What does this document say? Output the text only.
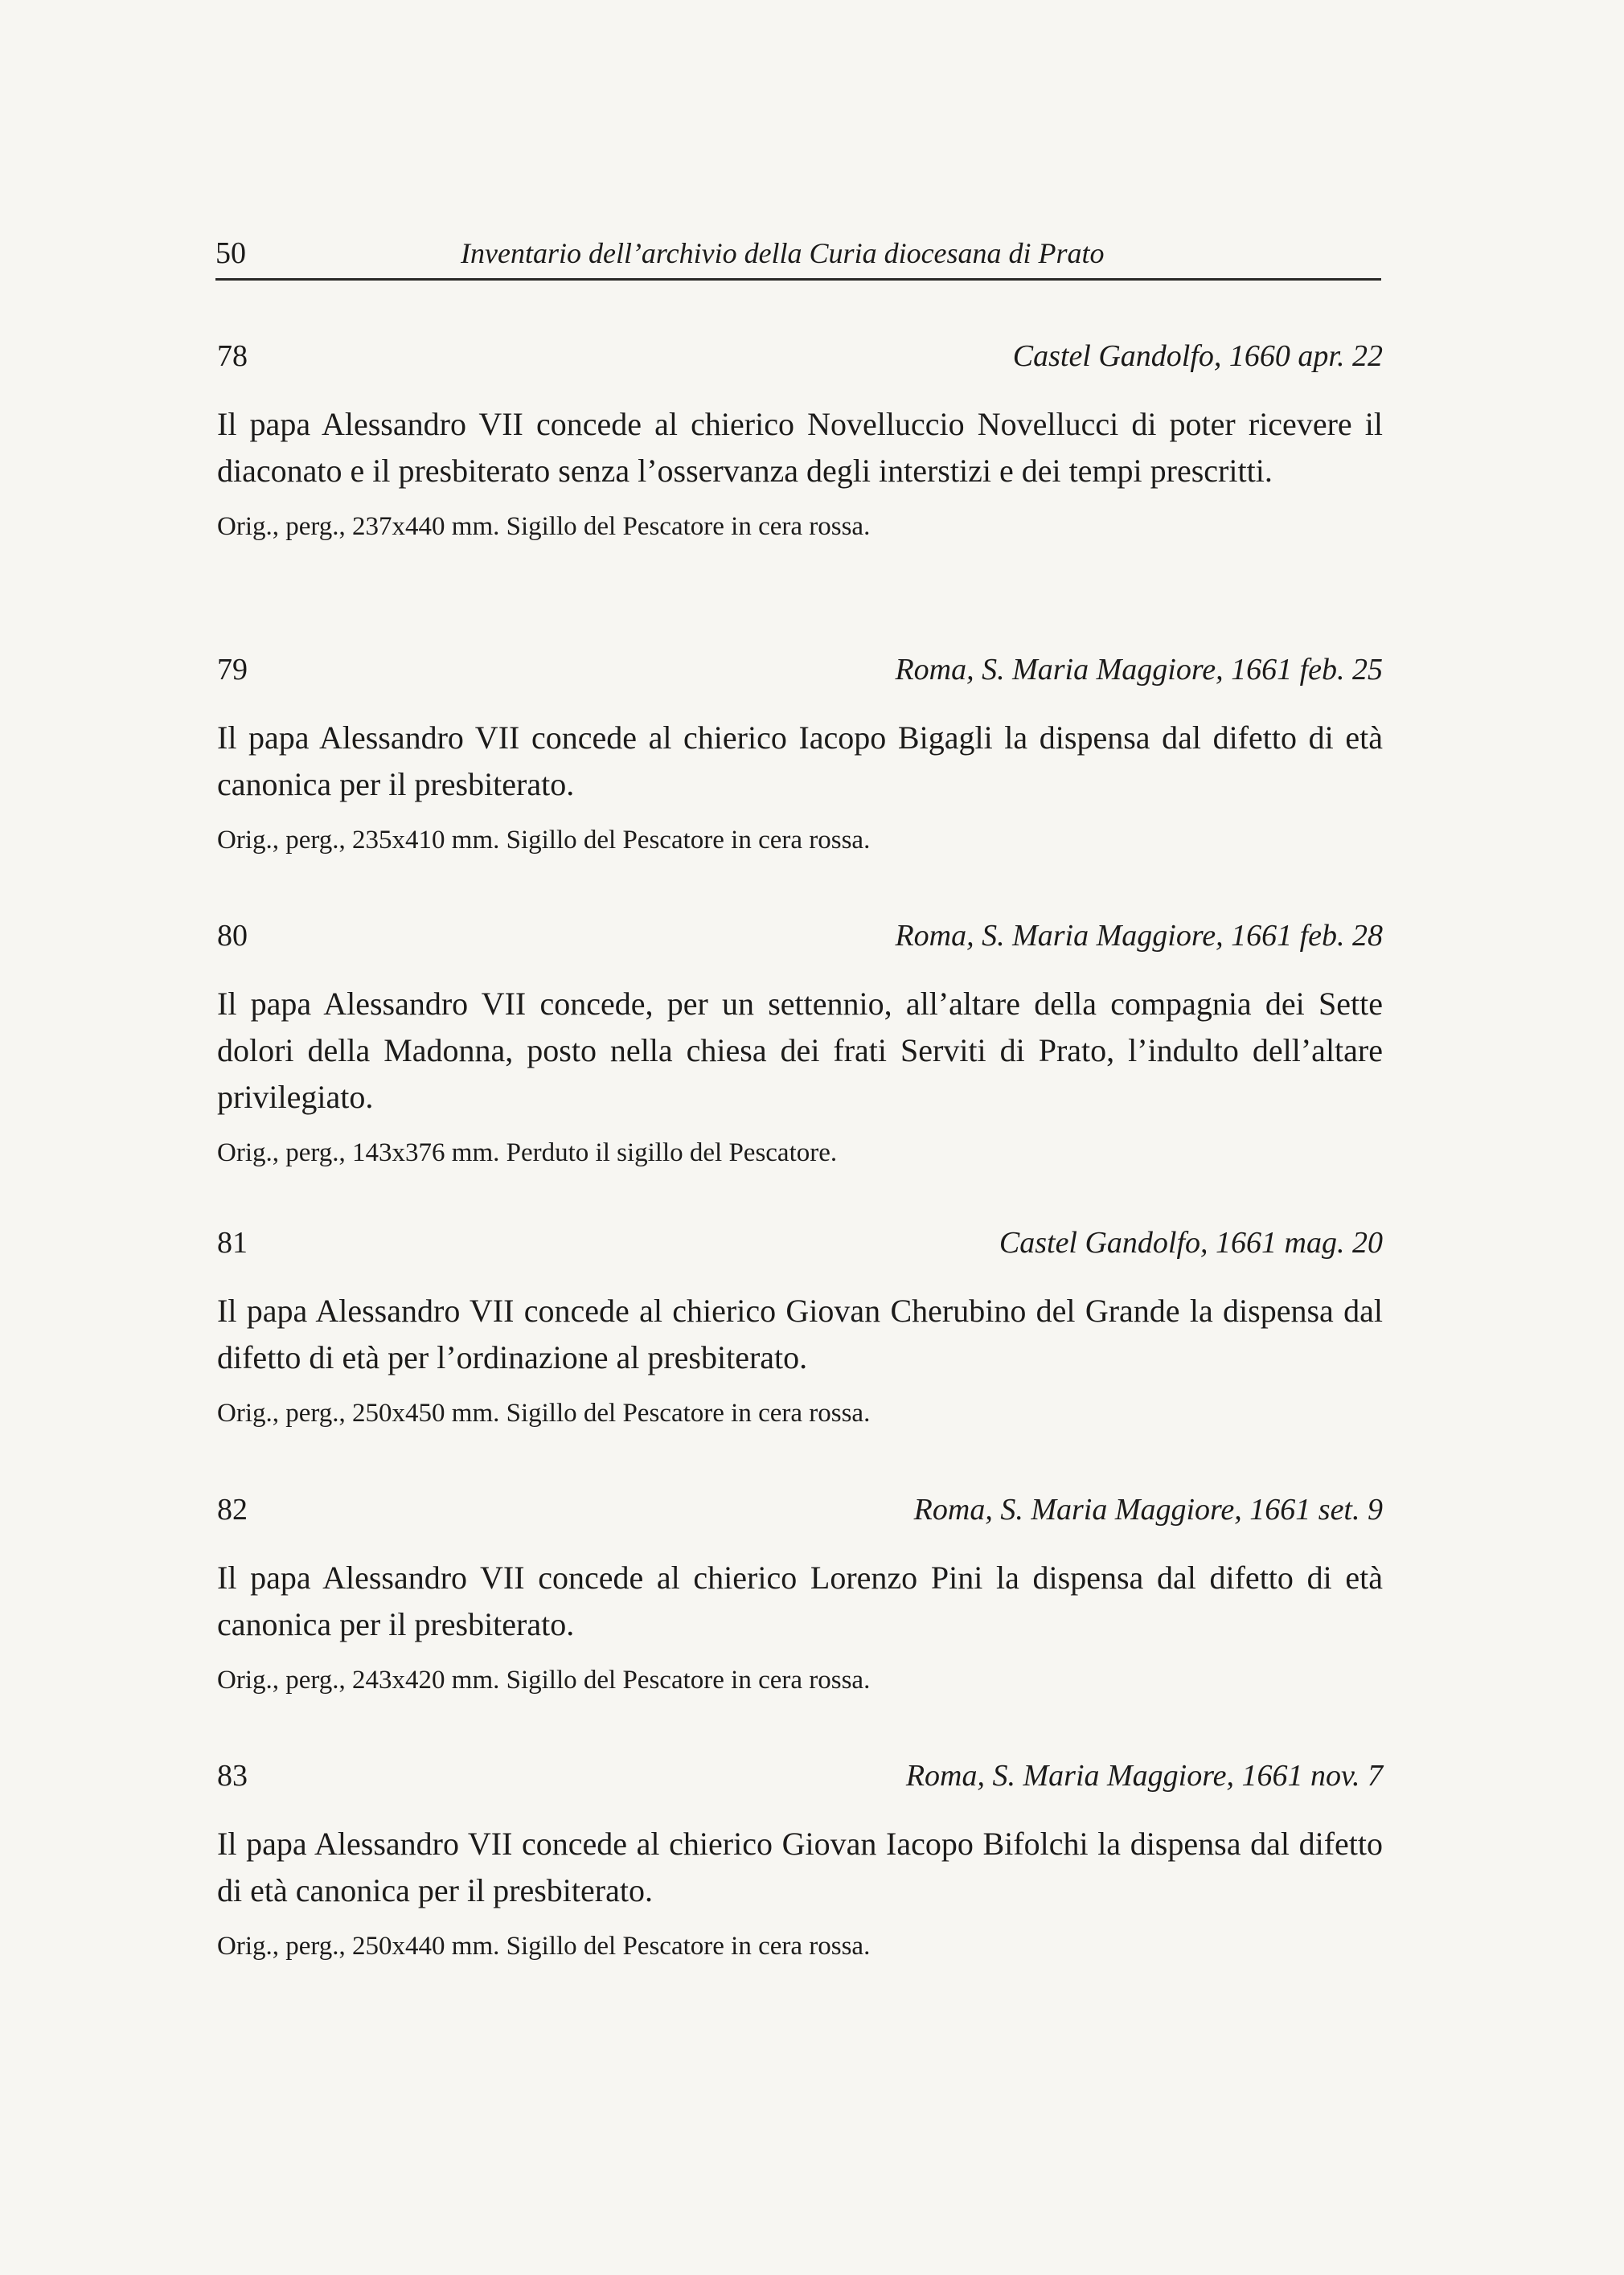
50	Inventario dell’archivio della Curia diocesana di Prato
78	Castel Gandolfo, 1660 apr. 22
Il papa Alessandro VII concede al chierico Novelluccio Novellucci di poter ricevere il diaconato e il presbiterato senza l’osservanza degli interstizi e dei tempi prescritti.
Orig., perg., 237x440 mm. Sigillo del Pescatore in cera rossa.
79	Roma, S. Maria Maggiore, 1661 feb. 25
Il papa Alessandro VII concede al chierico Iacopo Bigagli la dispensa dal difetto di età canonica per il presbiterato.
Orig., perg., 235x410 mm. Sigillo del Pescatore in cera rossa.
80	Roma, S. Maria Maggiore, 1661 feb. 28
Il papa Alessandro VII concede, per un settennio, all’altare della compagnia dei Sette dolori della Madonna, posto nella chiesa dei frati Serviti di Prato, l’indulto dell’altare privilegiato.
Orig., perg., 143x376 mm. Perduto il sigillo del Pescatore.
81	Castel Gandolfo, 1661 mag. 20
Il papa Alessandro VII concede al chierico Giovan Cherubino del Grande la dispensa dal difetto di età per l’ordinazione al presbiterato.
Orig., perg., 250x450 mm. Sigillo del Pescatore in cera rossa.
82	Roma, S. Maria Maggiore, 1661 set. 9
Il papa Alessandro VII concede al chierico Lorenzo Pini la dispensa dal difetto di età canonica per il presbiterato.
Orig., perg., 243x420 mm. Sigillo del Pescatore in cera rossa.
83	Roma, S. Maria Maggiore, 1661 nov. 7
Il papa Alessandro VII concede al chierico Giovan Iacopo Bifolchi la dispensa dal difetto di età canonica per il presbiterato.
Orig., perg., 250x440 mm. Sigillo del Pescatore in cera rossa.
